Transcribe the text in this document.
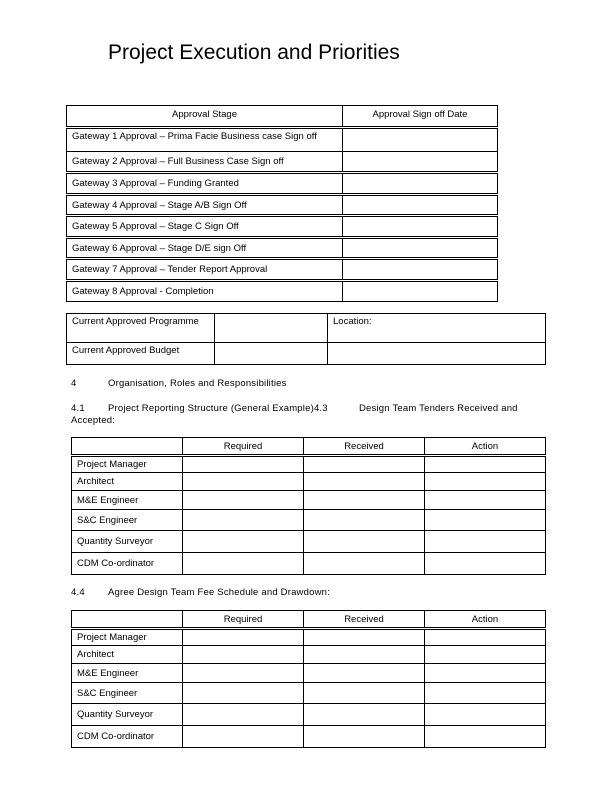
Project Execution and Priorities
Approval Stage	Approval Sign off Date
Gateway 1 Approval – Prima Facie Business case Sign off	
Gateway 2 Approval – Full Business Case Sign off	
Gateway 3 Approval – Funding Granted	
Gateway 4 Approval – Stage A/B Sign Off	
Gateway 5 Approval – Stage C Sign Off	
Gateway 6 Approval – Stage D/E sign Off	
Gateway 7 Approval – Tender Report Approval	
Gateway 8 Approval - Completion	
Current Approved Programme		Location:
Current Approved Budget		
4	Organisation, Roles and Responsibilities
4.1 Project Reporting Structure (General Example)4.3	Design Team Tenders Received and
Accepted:
	Required	Received	Action
Project Manager			
Architect			
M&E Engineer			
S&C Engineer			
Quantity Surveyor			
CDM Co-ordinator			
4.4 Agree Design Team Fee Schedule and Drawdown:
	Required	Received	Action
Project Manager			
Architect			
M&E Engineer			
S&C Engineer			
Quantity Surveyor			
CDM Co-ordinator			
